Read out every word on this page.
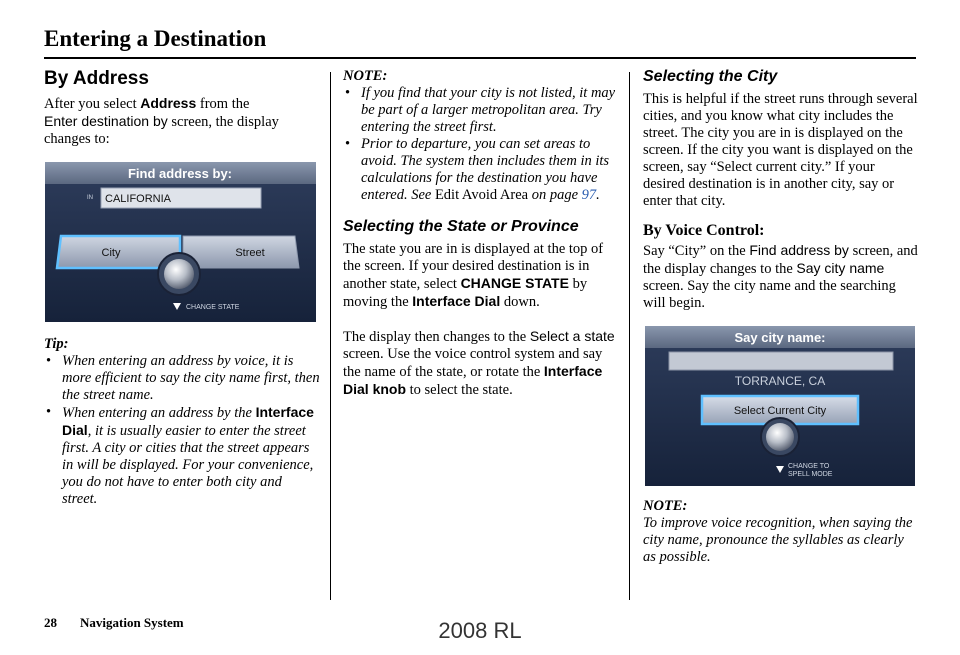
Entering a Destination
By Address

After you select Address from the
Enter destination by screen, the display changes to:

Find address by:
IN CALIFORNIA
City	Street
CHANGE STATE
Tip:
• When entering an address by voice, it is more efficient to say the city name first, then the street name.
• When entering an address by the Interface Dial, it is usually easier to enter the street first. A city or cities that the street appears in will be displayed. For your convenience, you do not have to enter both city and street.
NOTE:
• If you find that your city is not listed, it may be part of a larger metropolitan area. Try entering the street first.
• Prior to departure, you can set areas to avoid. The system then includes them in its calculations for the destination you have entered. See Edit Avoid Area on page 97.
Selecting the State or Province

The state you are in is displayed at the top of the screen. If your desired destination is in another state, select CHANGE STATE by moving the Interface Dial down.

The display then changes to the Select a state screen. Use the voice control system and say the name of the state, or rotate the Interface Dial knob to select the state.

Selecting the City

This is helpful if the street runs through several cities, and you know what city includes the street. The city you are in is displayed on the screen. If the city you want is displayed on the screen, say “Select current city.” If your desired destination is in another city, say or enter that city.

By Voice Control:

Say “City” on the Find address by screen, and the display changes to the Say city name screen. Say the city name and the searching will begin.

Say city name:
TORRANCE, CA
Select Current City
CHANGE TO
SPELL MODE
NOTE:

To improve voice recognition, when saying the city name, pronounce the syllables as clearly as possible.

28 Navigation System	2008 RL
